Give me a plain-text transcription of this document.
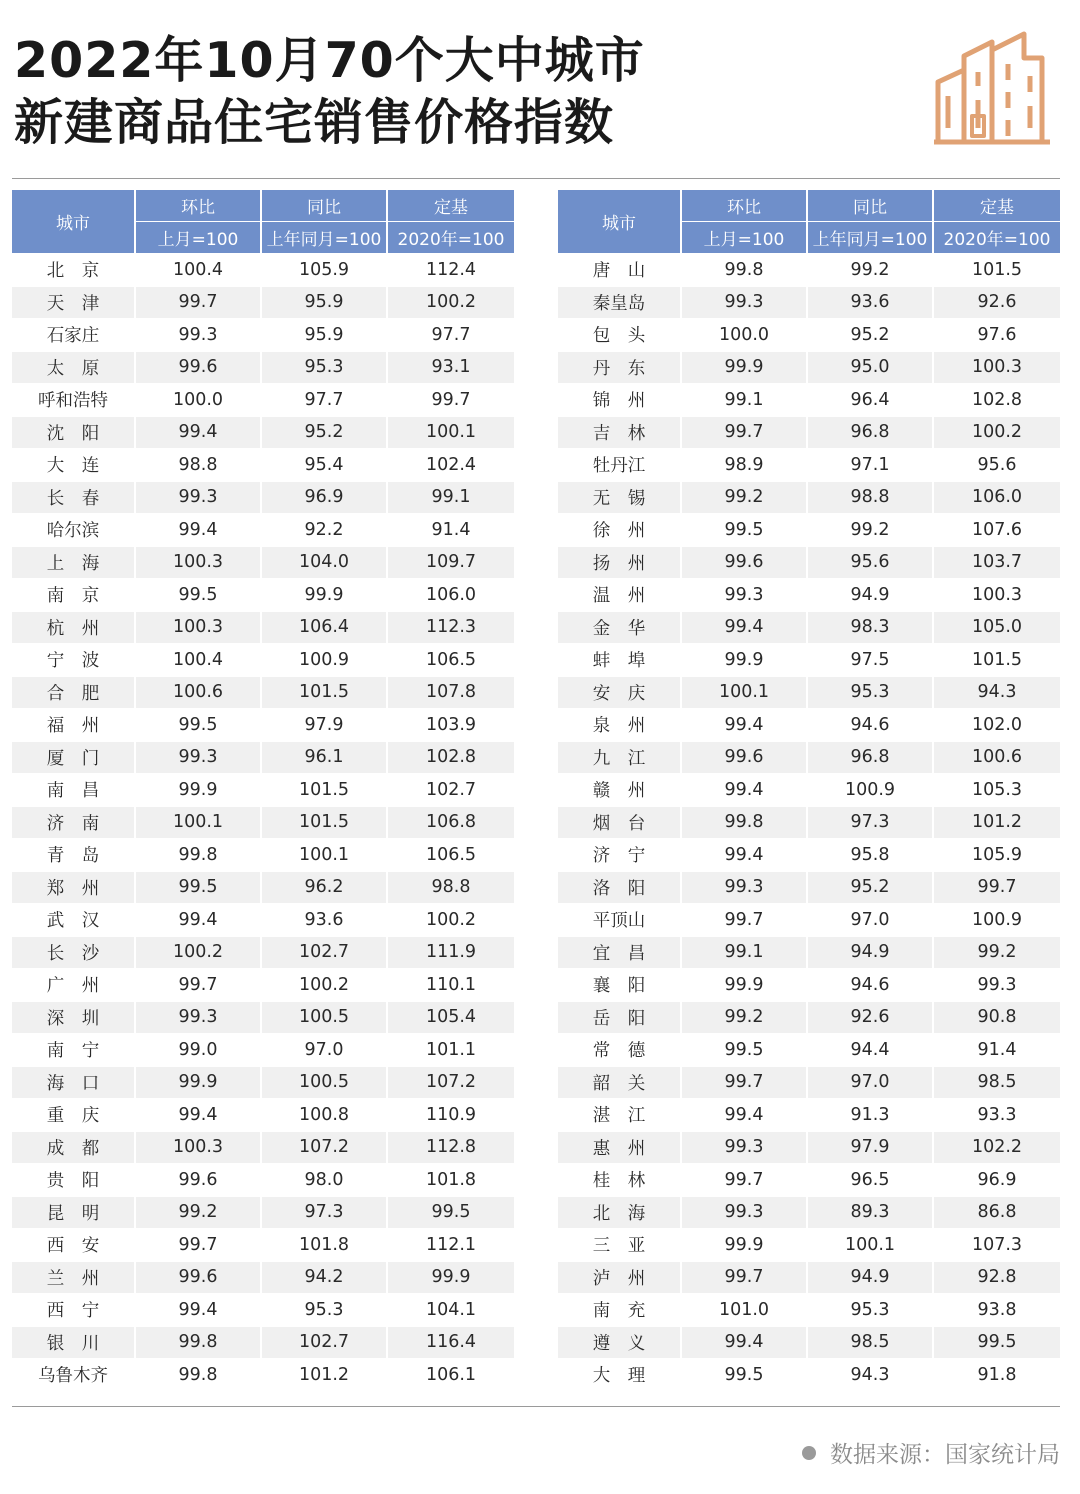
2022年10月70个大中城市
新建商品住宅销售价格指数
城市	环比	同比	定基
	上月=100	上年同月=100	2020年=100
北　京	100.4	105.9	112.4
天　津	99.7	95.9	100.2
石家庄	99.3	95.9	97.7
太　原	99.6	95.3	93.1
呼和浩特	100.0	97.7	99.7
沈　阳	99.4	95.2	100.1
大　连	98.8	95.4	102.4
长　春	99.3	96.9	99.1
哈尔滨	99.4	92.2	91.4
上　海	100.3	104.0	109.7
南　京	99.5	99.9	106.0
杭　州	100.3	106.4	112.3
宁　波	100.4	100.9	106.5
合　肥	100.6	101.5	107.8
福　州	99.5	97.9	103.9
厦　门	99.3	96.1	102.8
南　昌	99.9	101.5	102.7
济　南	100.1	101.5	106.8
青　岛	99.8	100.1	106.5
郑　州	99.5	96.2	98.8
武　汉	99.4	93.6	100.2
长　沙	100.2	102.7	111.9
广　州	99.7	100.2	110.1
深　圳	99.3	100.5	105.4
南　宁	99.0	97.0	101.1
海　口	99.9	100.5	107.2
重　庆	99.4	100.8	110.9
成　都	100.3	107.2	112.8
贵　阳	99.6	98.0	101.8
昆　明	99.2	97.3	99.5
西　安	99.7	101.8	112.1
兰　州	99.6	94.2	99.9
西　宁	99.4	95.3	104.1
银　川	99.8	102.7	116.4
乌鲁木齐	99.8	101.2	106.1
城市	环比	同比	定基
	上月=100	上年同月=100	2020年=100
唐　山	99.8	99.2	101.5
秦皇岛	99.3	93.6	92.6
包　头	100.0	95.2	97.6
丹　东	99.9	95.0	100.3
锦　州	99.1	96.4	102.8
吉　林	99.7	96.8	100.2
牡丹江	98.9	97.1	95.6
无　锡	99.2	98.8	106.0
徐　州	99.5	99.2	107.6
扬　州	99.6	95.6	103.7
温　州	99.3	94.9	100.3
金　华	99.4	98.3	105.0
蚌　埠	99.9	97.5	101.5
安　庆	100.1	95.3	94.3
泉　州	99.4	94.6	102.0
九　江	99.6	96.8	100.6
赣　州	99.4	100.9	105.3
烟　台	99.8	97.3	101.2
济　宁	99.4	95.8	105.9
洛　阳	99.3	95.2	99.7
平顶山	99.7	97.0	100.9
宜　昌	99.1	94.9	99.2
襄　阳	99.9	94.6	99.3
岳　阳	99.2	92.6	90.8
常　德	99.5	94.4	91.4
韶　关	99.7	97.0	98.5
湛　江	99.4	91.3	93.3
惠　州	99.3	97.9	102.2
桂　林	99.7	96.5	96.9
北　海	99.3	89.3	86.8
三　亚	99.9	100.1	107.3
泸　州	99.7	94.9	92.8
南　充	101.0	95.3	93.8
遵　义	99.4	98.5	99.5
大　理	99.5	94.3	91.8
数据来源：国家统计局
